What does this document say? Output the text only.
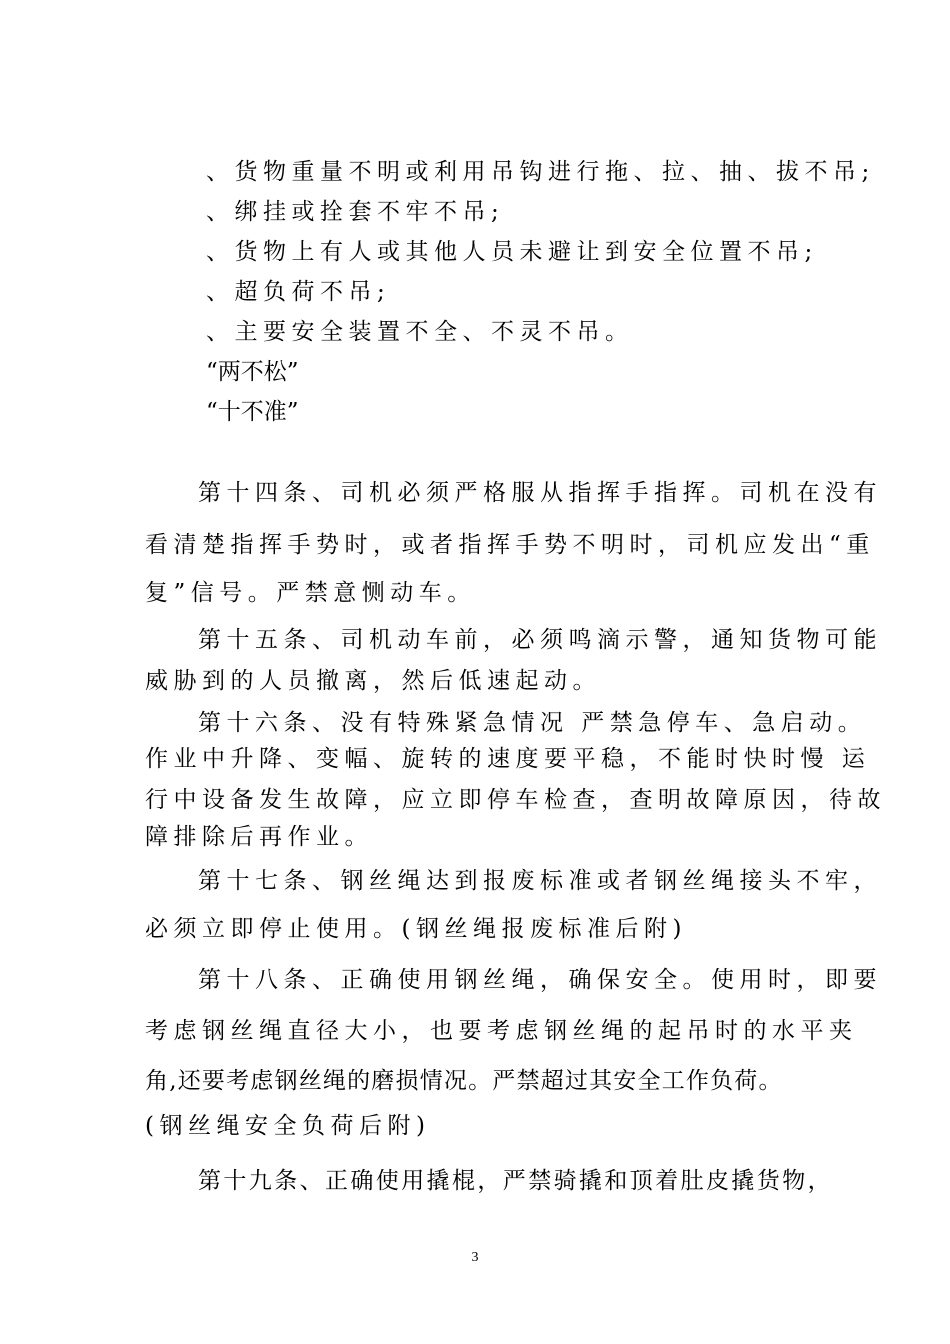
、货物重量不明或利用吊钩进行拖、拉、抽、拔不吊;
、绑挂或拴套不牢不吊;
、货物上有人或其他人员未避让到安全位置不吊;
、超负荷不吊;
、主要安全装置不全、不灵不吊。
“两不松”
“十不准”
第十四条、司机必须严格服从指挥手指挥。司机在没有
看清楚指挥手势时，或者指挥手势不明时，司机应发出“重
复”信号。严禁意恻动车。
第十五条、司机动车前，必须鸣滴示警，通知货物可能
威胁到的人员撤离，然后低速起动。
第十六条、没有特殊紧急情况 严禁急停车、急启动。
作业中升降、变幅、旋转的速度要平稳，不能时快时慢 运
行中设备发生故障，应立即停车检查，查明故障原因，待故
障排除后再作业。
第十七条、钢丝绳达到报废标准或者钢丝绳接头不牢，
必须立即停止使用。(钢丝绳报废标准后附)
第十八条、正确使用钢丝绳，确保安全。使用时，即要
考虑钢丝绳直径大小，也要考虑钢丝绳的起吊时的水平夹
角,还要考虑钢丝绳的磨损情况。严禁超过其安全工作负荷。
(钢丝绳安全负荷后附)
第十九条、正确使用撬棍，严禁骑撬和顶着肚皮撬货物，
3
